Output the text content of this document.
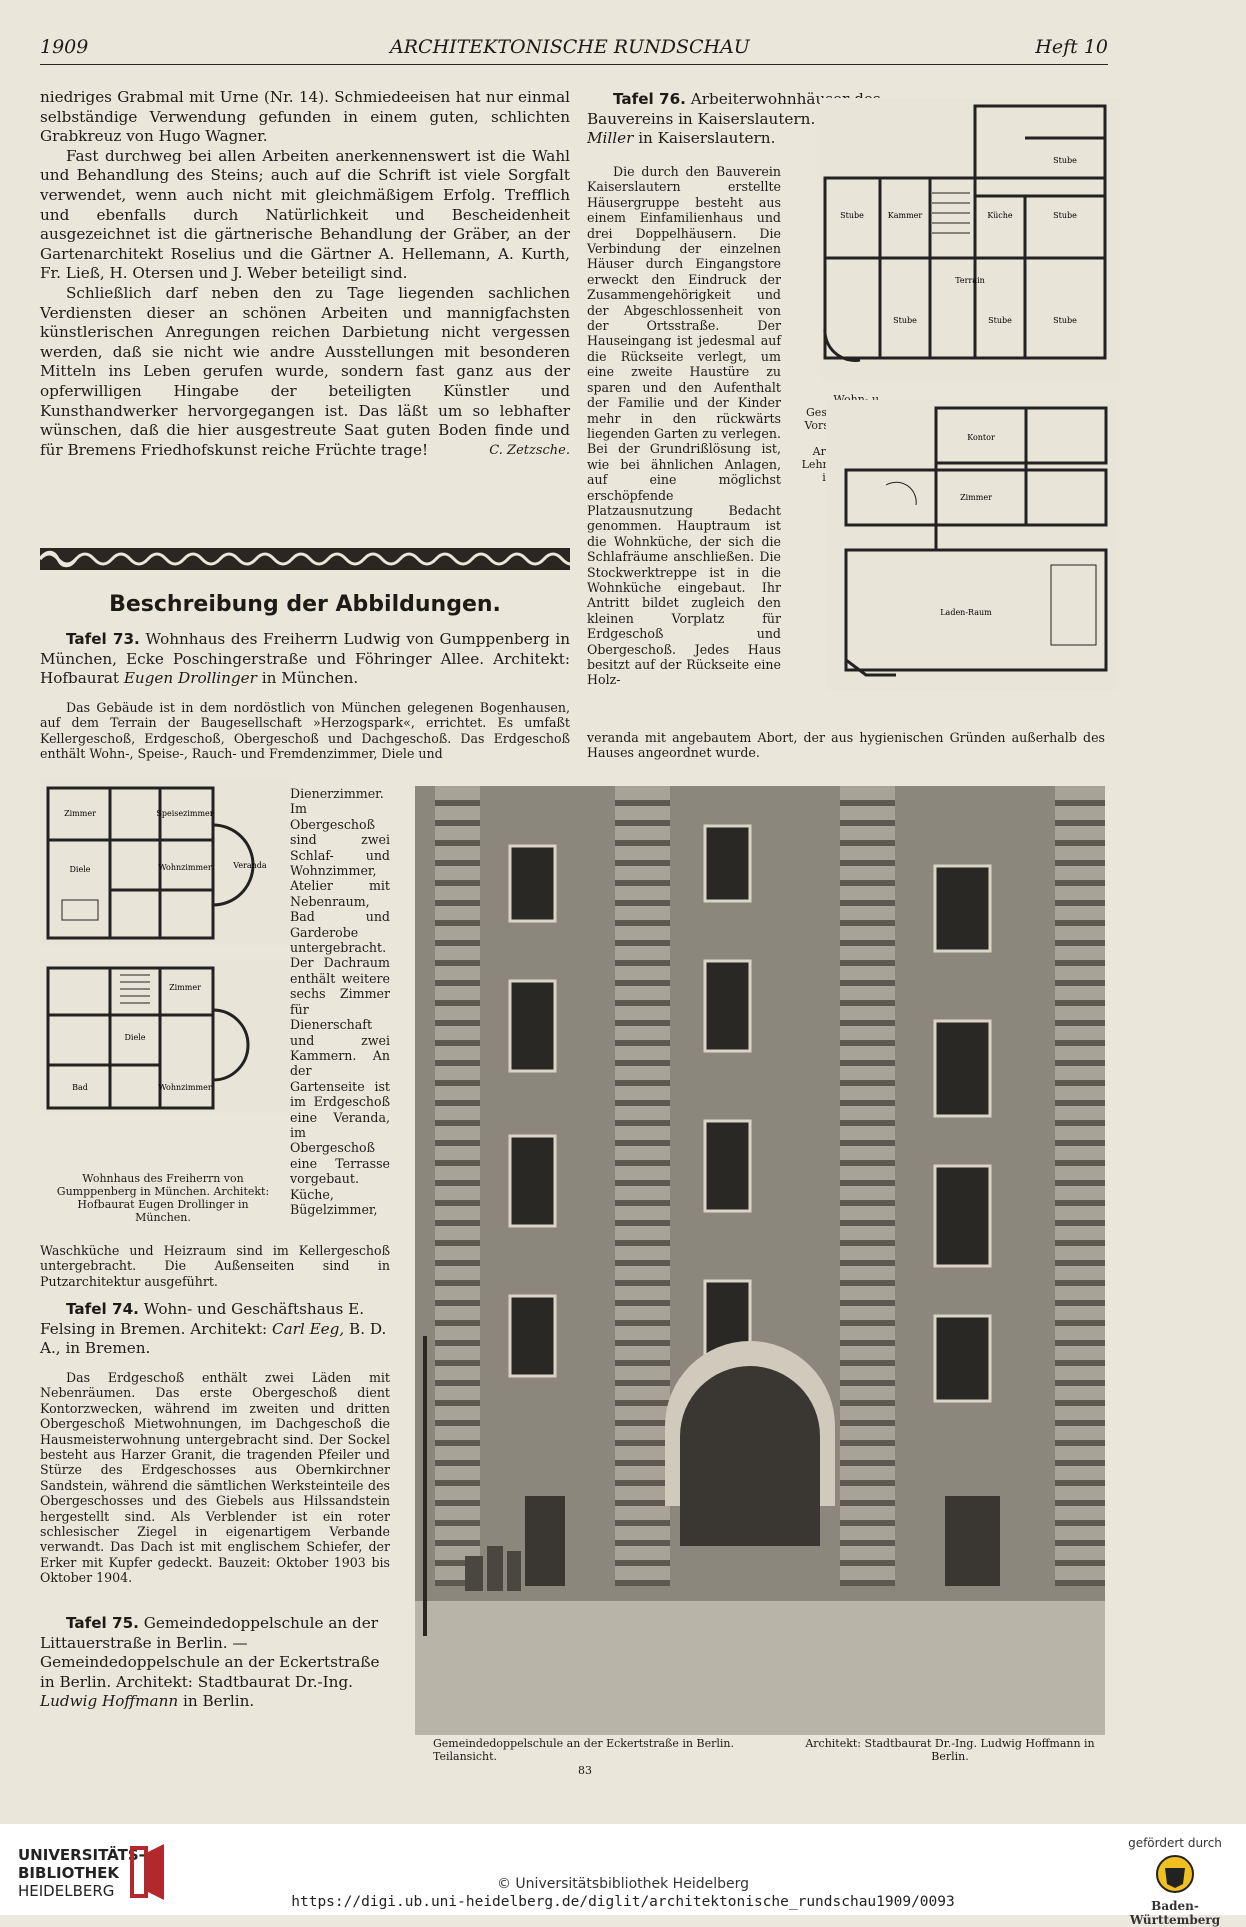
1909	ARCHITEKTONISCHE RUNDSCHAU	Heft 10

niedriges Grabmal mit Urne (Nr. 14). Schmiedeeisen hat nur einmal selbständige Verwendung gefunden in einem guten, schlichten Grabkreuz von Hugo Wagner.

Fast durchweg bei allen Arbeiten anerkennenswert ist die Wahl und Behandlung des Steins; auch auf die Schrift ist viele Sorgfalt verwendet, wenn auch nicht mit gleichmäßigem Erfolg. Trefflich und ebenfalls durch Natürlichkeit und Bescheidenheit ausgezeichnet ist die gärtnerische Behandlung der Gräber, an der Gartenarchitekt Roselius und die Gärtner A. Hellemann, A. Kurth, Fr. Ließ, H. Otersen und J. Weber beteiligt sind.

Schließlich darf neben den zu Tage liegenden sachlichen Verdiensten dieser an schönen Arbeiten und mannigfachsten künstlerischen Anregungen reichen Darbietung nicht vergessen werden, daß sie nicht wie andre Ausstellungen mit besonderen Mitteln ins Leben gerufen wurde, sondern fast ganz aus der opferwilligen Hingabe der beteiligten Künstler und Kunsthandwerker hervorgegangen ist. Das läßt um so lebhafter wünschen, daß die hier ausgestreute Saat guten Boden finde und für Bremens Friedhofskunst reiche Früchte trage!	C. Zetzsche.

Beschreibung der Abbildungen.

Tafel 73. Wohnhaus des Freiherrn Ludwig von Gumppenberg in München, Ecke Poschingerstraße und Föhringer Allee. Architekt: Hofbaurat Eugen Drollinger in München.

Das Gebäude ist in dem nordöstlich von München gelegenen Bogenhausen, auf dem Terrain der Baugesellschaft »Herzogspark«, errichtet. Es umfaßt Kellergeschoß, Erdgeschoß, Obergeschoß und Dachgeschoß. Das Erdgeschoß enthält Wohn-, Speise-, Rauch- und Fremdenzimmer, Diele und

Zimmer
Diele
Speisezimmer
Wohnzimmer	Veranda
Diele
Zimmer
Wohnzimmer
Bad
Wohnhaus des Freiherrn von Gumppenberg in München. Architekt: Hofbaurat Eugen Drollinger in München.
Dienerzimmer. Im Obergeschoß sind zwei Schlaf- und Wohnzimmer, Atelier mit Nebenraum, Bad und Garderobe untergebracht. Der Dachraum enthält weitere sechs Zimmer für Dienerschaft und zwei Kammern. An der Gartenseite ist im Erdgeschoß eine Veranda, im Obergeschoß eine Terrasse vorgebaut. Küche, Bügelzimmer,
Waschküche und Heizraum sind im Kellergeschoß untergebracht. Die Außenseiten sind in Putzarchitektur ausgeführt.

Tafel 74. Wohn- und Geschäftshaus E. Felsing in Bremen. Architekt: Carl Eeg, B. D. A., in Bremen.

Das Erdgeschoß enthält zwei Läden mit Nebenräumen. Das erste Obergeschoß dient Kontorzwecken, während im zweiten und dritten Obergeschoß Mietwohnungen, im Dachgeschoß die Hausmeisterwohnung untergebracht sind. Der Sockel besteht aus Harzer Granit, die tragenden Pfeiler und Stürze des Erdgeschosses aus Obernkirchner Sandstein, während die sämtlichen Werksteinteile des Obergeschosses und des Giebels aus Hilssandstein hergestellt sind. Als Verblender ist ein roter schlesischer Ziegel in eigenartigem Verbande verwandt. Das Dach ist mit englischem Schiefer, der Erker mit Kupfer gedeckt. Bauzeit: Oktober 1903 bis Oktober 1904.

Tafel 75. Gemeindedoppelschule an der Littauerstraße in Berlin. — Gemeindedoppelschule an der Eckertstraße in Berlin. Architekt: Stadtbaurat Dr.-Ing. Ludwig Hoffmann in Berlin.

Tafel 76. Arbeiterwohnhäuser des Bauvereins in Kaiserslautern. Architekt: M. Miller in Kaiserslautern.

Die durch den Bauverein Kaiserslautern erstellte Häusergruppe besteht aus einem Einfamilienhaus und drei Doppelhäusern. Die Verbindung der einzelnen Häuser durch Eingangstore erweckt den Eindruck der Zusammengehörigkeit und der Abgeschlossenheit von der Ortsstraße. Der Hauseingang ist jedesmal auf die Rückseite verlegt, um eine zweite Haustüre zu sparen und den Aufenthalt der Familie und der Kinder mehr in den rückwärts liegenden Garten zu verlegen. Bei der Grundrißlösung ist, wie bei ähnlichen Anlagen, auf eine möglichst erschöpfende Platzausnutzung Bedacht genommen. Hauptraum ist die Wohnküche, der sich die Schlafräume anschließen. Die Stockwerktreppe ist in die Wohnküche eingebaut. Ihr Antritt bildet zugleich den kleinen Vorplatz für Erdgeschoß und Obergeschoß. Jedes Haus besitzt auf der Rückseite eine Holz-

veranda mit angebautem Abort, der aus hygienischen Gründen außerhalb des Hauses angeordnet wurde.
Stube	Kammer	Küche	Stube
Terrain
Stube	Stube	Stube
Stube
Wohn- u. Geschäftshaus des Vorschußvereins in Hersfeld. Architekten: Th. Lehmann & G. Wolff in Halle a. S.
Kontor
Zimmer
Laden-Raum
Gemeindedoppelschule an der Eckertstraße in Berlin. Teilansicht.
Architekt: Stadtbaurat Dr.-Ing. Ludwig Hoffmann in Berlin.
83
UNIVERSITÄTS-
BIBLIOTHEK
HEIDELBERG	© Universitätsbibliothek Heidelberg
https://digi.ub.uni-heidelberg.de/diglit/architektonische_rundschau1909/0093
gefördert durch
Baden-Württemberg
